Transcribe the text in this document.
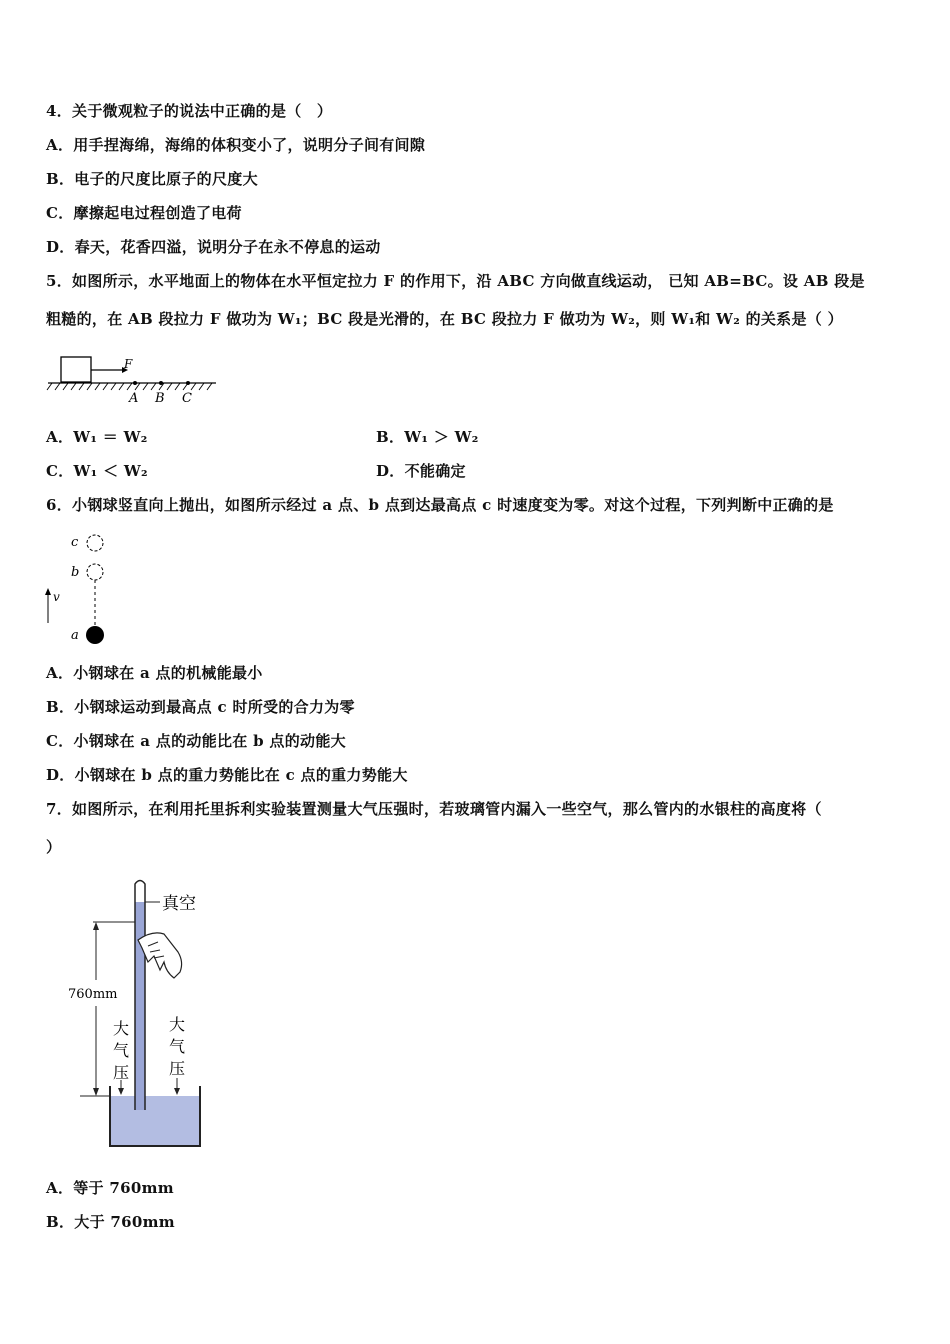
4．关于微观粒子的说法中正确的是（　）
A．用手捏海绵，海绵的体积变小了，说明分子间有间隙
B．电子的尺度比原子的尺度大
C．摩擦起电过程创造了电荷
D．春天，花香四溢，说明分子在永不停息的运动
5．如图所示，水平地面上的物体在水平恒定拉力 F 的作用下，沿 ABC 方向做直线运动， 已知 AB=BC。设 AB 段是
粗糙的，在 AB 段拉力 F 做功为 W₁；BC 段是光滑的，在 BC 段拉力 F 做功为 W₂，则 W₁和 W₂ 的关系是（ ）
F
A B C
A．W₁ ＝ W₂	B．W₁ ＞ W₂
C．W₁ ＜ W₂	D．不能确定
6．小钢球竖直向上抛出，如图所示经过 a 点、b 点到达最高点 c 时速度变为零。对这个过程，下列判断中正确的是
c
b
v
a
A．小钢球在 a 点的机械能最小
B．小钢球运动到最高点 c 时所受的合力为零
C．小钢球在 a 点的动能比在 b 点的动能大
D．小钢球在 b 点的重力势能比在 c 点的重力势能大
7．如图所示，在利用托里拆利实验装置测量大气压强时，若玻璃管内漏入一些空气，那么管内的水银柱的高度将（
）
真空
760mm
大
气
压
大
气
压
A．等于 760mm
B．大于 760mm
